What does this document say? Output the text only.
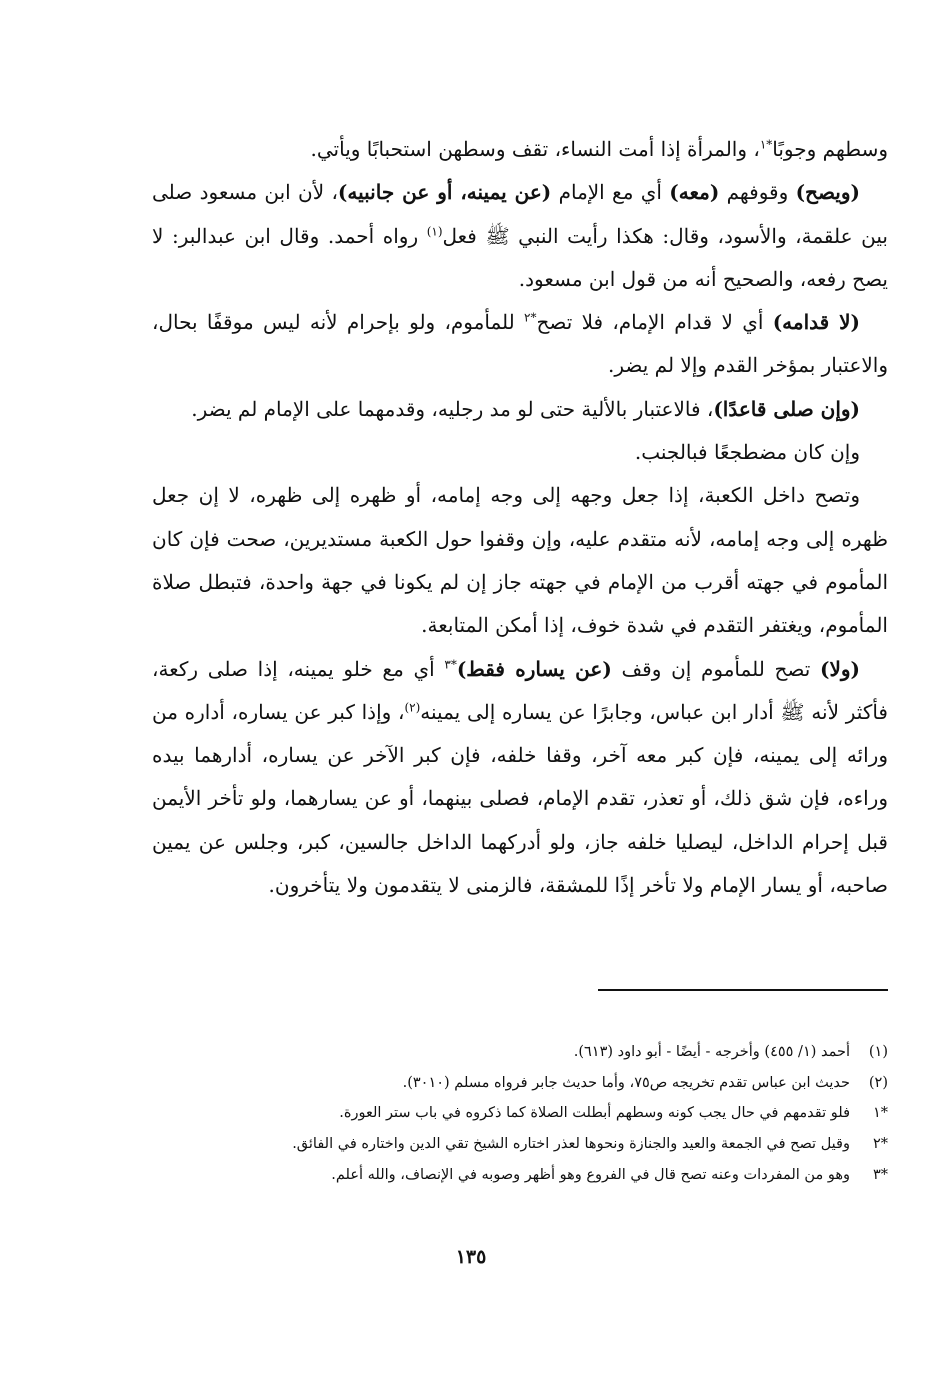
وسطهم وجوبًا$^{*١}$، والمرأة إذا أمت النساء، تقف وسطهن استحبابًا ويأتي.

(ويصح) وقوفهم (معه) أي مع الإمام (عن يمينه، أو عن جانبيه)، لأن ابن مسعود صلى بين علقمة، والأسود، وقال: هكذا رأيت النبي ﷺ فعل$^{(١)}$ رواه أحمد. وقال ابن عبدالبر: لا يصح رفعه، والصحيح أنه من قول ابن مسعود.

(لا قدامه) أي لا قدام الإمام، فلا تصح$^{*٢}$ للمأموم، ولو بإحرام لأنه ليس موقفًا بحال، والاعتبار بمؤخر القدم وإلا لم يضر.

(وإن صلى قاعدًا)، فالاعتبار بالألية حتى لو مد رجليه، وقدمهما على الإمام لم يضر.

وإن كان مضطجعًا فبالجنب.

وتصح داخل الكعبة، إذا جعل وجهه إلى وجه إمامه، أو ظهره إلى ظهره، لا إن جعل ظهره إلى وجه إمامه، لأنه متقدم عليه، وإن وقفوا حول الكعبة مستديرين، صحت فإن كان المأموم في جهته أقرب من الإمام في جهته جاز إن لم يكونا في جهة واحدة، فتبطل صلاة المأموم، ويغتفر التقدم في شدة خوف، إذا أمكن المتابعة.

(ولا) تصح للمأموم إن وقف (عن يساره فقط)$^{*٣}$ أي مع خلو يمينه، إذا صلى ركعة، فأكثر لأنه ﷺ أدار ابن عباس، وجابرًا عن يساره إلى يمينه$^{(٢)}$، وإذا كبر عن يساره، أداره من ورائه إلى يمينه، فإن كبر معه آخر، وقفا خلفه، فإن كبر الآخر عن يساره، أدارهما بيده وراءه، فإن شق ذلك، أو تعذر، تقدم الإمام، فصلى بينهما، أو عن يسارهما، ولو تأخر الأيمن قبل إحرام الداخل، ليصليا خلفه جاز، ولو أدركهما الداخل جالسين، كبر، وجلس عن يمين صاحبه، أو يسار الإمام ولا تأخر إذًا للمشقة، فالزمنى لا يتقدمون ولا يتأخرون.

(١)
أحمد (١/ ٤٥٥) وأخرجه - أيضًا - أبو داود (٦١٣).
(٢)
حديث ابن عباس تقدم تخريجه ص٧٥، وأما حديث جابر فرواه مسلم (٣٠١٠).
*١
فلو تقدمهم في حال يجب كونه وسطهم أبطلت الصلاة كما ذكروه في باب ستر العورة.
*٢
وقيل تصح في الجمعة والعيد والجنازة ونحوها لعذر اختاره الشيخ تقي الدين واختاره في الفائق.
*٣
وهو من المفردات وعنه تصح قال في الفروع وهو أظهر وصوبه في الإنصاف، والله أعلم.
١٣٥
